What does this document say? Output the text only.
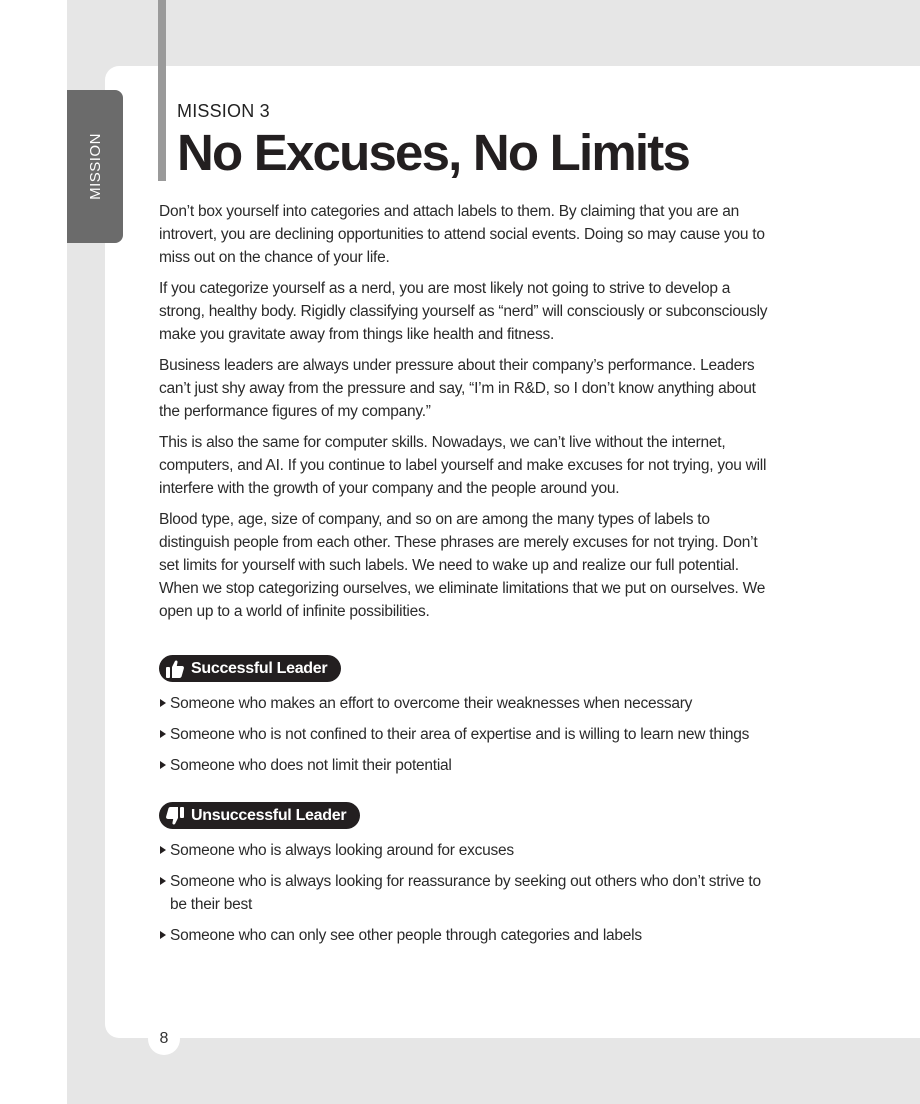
MISSION
MISSION 3
No Excuses, No Limits

Don’t box yourself into categories and attach labels to them. By claiming that you are an introvert, you are declining opportunities to attend social events. Doing so may cause you to miss out on the chance of your life.

If you categorize yourself as a nerd, you are most likely not going to strive to develop a strong, healthy body. Rigidly classifying yourself as “nerd” will consciously or subconsciously make you gravitate away from things like health and fitness.

Business leaders are always under pressure about their company’s performance. Leaders can’t just shy away from the pressure and say, “I’m in R&D, so I don’t know anything about the performance figures of my company.”

This is also the same for computer skills. Nowadays, we can’t live without the internet, computers, and AI. If you continue to label yourself and make excuses for not trying, you will interfere with the growth of your company and the people around you.

Blood type, age, size of company, and so on are among the many types of labels to distinguish people from each other. These phrases are merely excuses for not trying. Don’t set limits for yourself with such labels. We need to wake up and realize our full potential. When we stop categorizing ourselves, we eliminate limitations that we put on ourselves. We open up to a world of infinite possibilities.

Successful Leader
Someone who makes an effort to overcome their weaknesses when necessary
Someone who is not confined to their area of expertise and is willing to learn new things
Someone who does not limit their potential
Unsuccessful Leader
Someone who is always looking around for excuses
Someone who is always looking for reassurance by seeking out others who don’t strive to be their best
Someone who can only see other people through categories and labels
8
